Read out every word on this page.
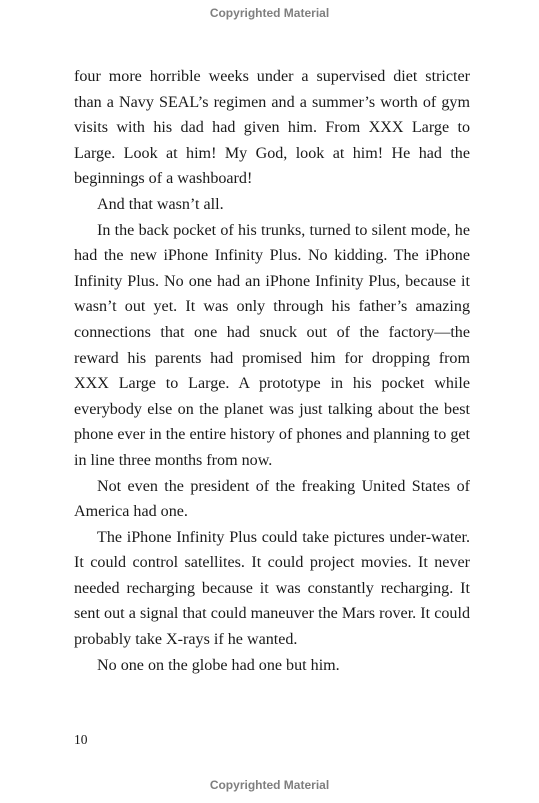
Copyrighted Material

four more horrible weeks under a supervised diet stricter than a Navy SEAL’s regimen and a summer’s worth of gym visits with his dad had given him. From XXX Large to Large. Look at him! My God, look at him! He had the beginnings of a washboard!

And that wasn’t all.

In the back pocket of his trunks, turned to silent mode, he had the new iPhone Infinity Plus. No kidding. The iPhone Infinity Plus. No one had an iPhone Infinity Plus, because it wasn’t out yet. It was only through his father’s amazing connections that one had snuck out of the factory—the reward his parents had promised him for dropping from XXX Large to Large. A prototype in his pocket while everybody else on the planet was just talking about the best phone ever in the entire history of phones and planning to get in line three months from now.

Not even the president of the freaking United States of America had one.

The iPhone Infinity Plus could take pictures under-water. It could control satellites. It could project movies. It never needed recharging because it was constantly recharging. It sent out a signal that could maneuver the Mars rover. It could probably take X-rays if he wanted.

No one on the globe had one but him.

10
Copyrighted Material
